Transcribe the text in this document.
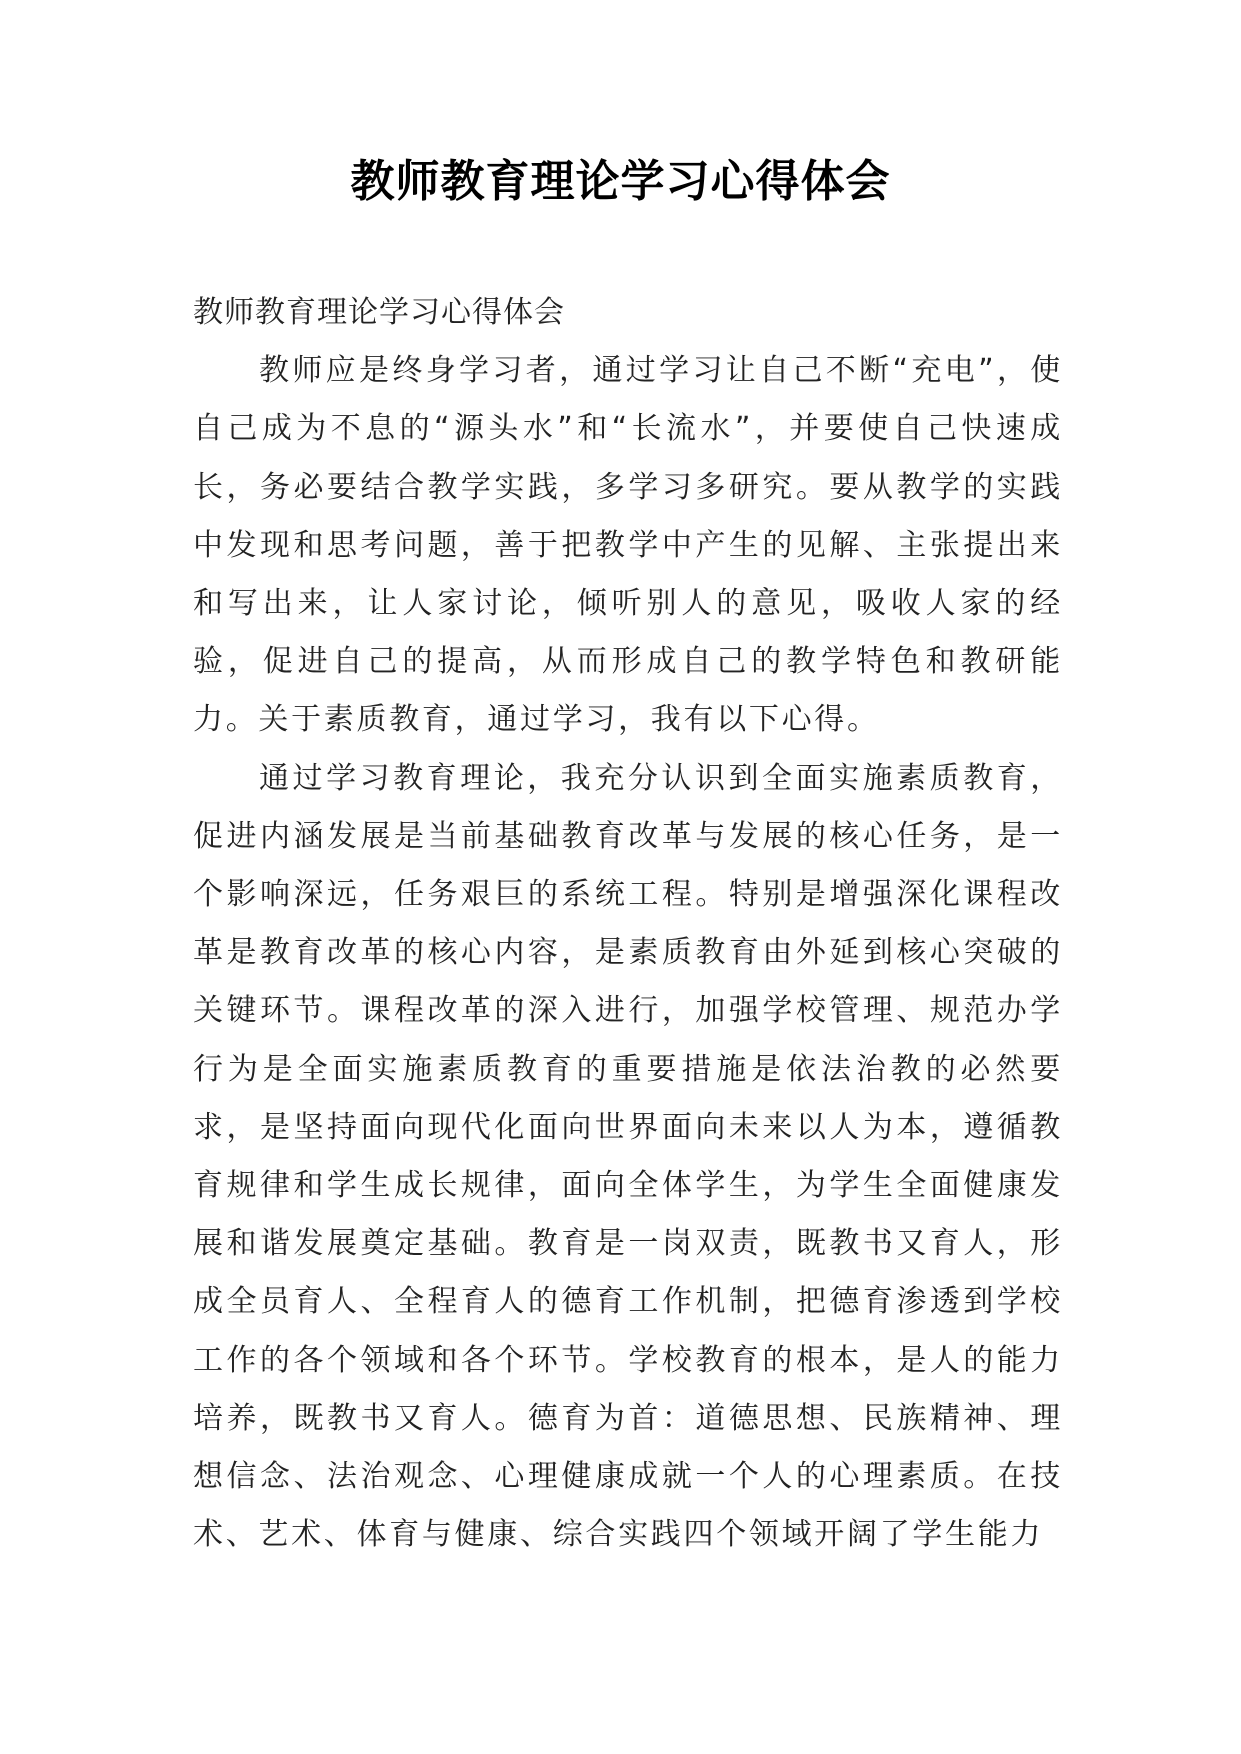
教师教育理论学习心得体会

教师教育理论学习心得体会

教师应是终身学习者，通过学习让自己不断“充电”，使自己成为不息的“源头水”和“长流水”，并要使自己快速成长，务必要结合教学实践，多学习多研究。要从教学的实践中发现和思考问题，善于把教学中产生的见解、主张提出来和写出来，让人家讨论，倾听别人的意见，吸收人家的经验，促进自己的提高，从而形成自己的教学特色和教研能力。关于素质教育，通过学习，我有以下心得。

通过学习教育理论，我充分认识到全面实施素质教育，促进内涵发展是当前基础教育改革与发展的核心任务，是一个影响深远，任务艰巨的系统工程。特别是增强深化课程改革是教育改革的核心内容，是素质教育由外延到核心突破的关键环节。课程改革的深入进行，加强学校管理、规范办学行为是全面实施素质教育的重要措施是依法治教的必然要求，是坚持面向现代化面向世界面向未来以人为本，遵循教育规律和学生成长规律，面向全体学生，为学生全面健康发展和谐发展奠定基础。教育是一岗双责，既教书又育人，形成全员育人、全程育人的德育工作机制，把德育渗透到学校工作的各个领域和各个环节。学校教育的根本，是人的能力培养，既教书又育人。德育为首：道德思想、民族精神、理想信念、法治观念、心理健康成就一个人的心理素质。在技术、艺术、体育与健康、综合实践四个领域开阔了学生能力
